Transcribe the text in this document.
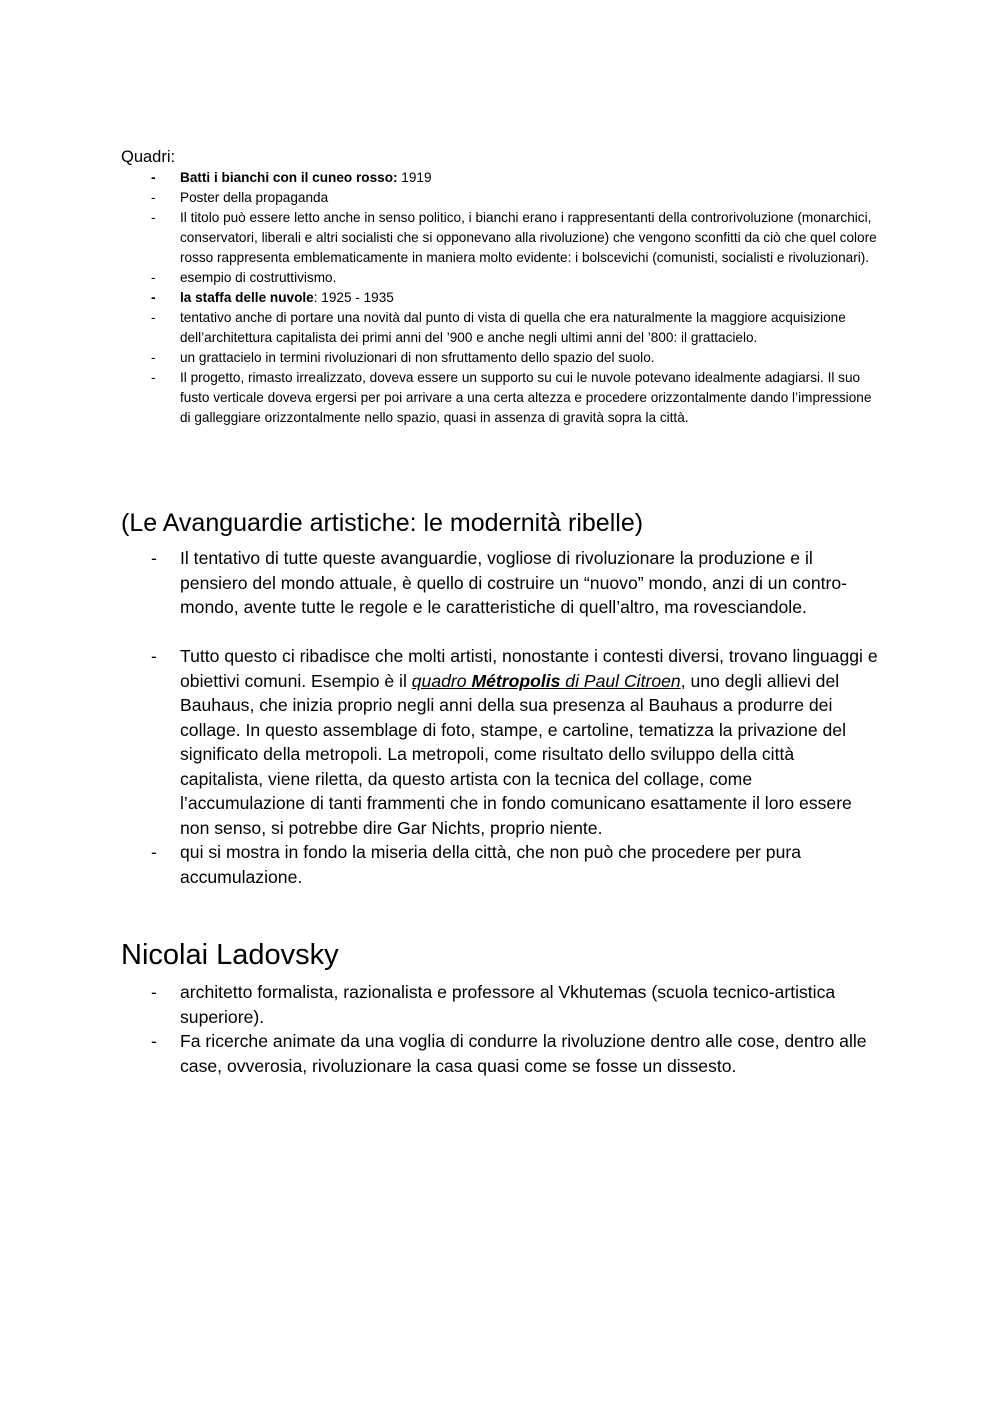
Quadri:
- Batti i bianchi con il cuneo rosso: 1919
- Poster della propaganda
- Il titolo può essere letto anche in senso politico, i bianchi erano i rappresentanti della controrivoluzione (monarchici, conservatori, liberali e altri socialisti che si opponevano alla rivoluzione) che vengono sconfitti da ciò che quel colore rosso rappresenta emblematicamente in maniera molto evidente: i bolscevichi (comunisti, socialisti e rivoluzionari).
- esempio di costruttivismo.
- la staffa delle nuvole: 1925 - 1935
- tentativo anche di portare una novità dal punto di vista di quella che era naturalmente la maggiore acquisizione dell’architettura capitalista dei primi anni del ’900 e anche negli ultimi anni del ’800: il grattacielo.
- un grattacielo in termini rivoluzionari di non sfruttamento dello spazio del suolo.
- Il progetto, rimasto irrealizzato, doveva essere un supporto su cui le nuvole potevano idealmente adagiarsi. Il suo fusto verticale doveva ergersi per poi arrivare a una certa altezza e procedere orizzontalmente dando l’impressione di galleggiare orizzontalmente nello spazio, quasi in assenza di gravità sopra la città.
(Le Avanguardie artistiche: le modernità ribelle)
- Il tentativo di tutte queste avanguardie, vogliose di rivoluzionare la produzione e il pensiero del mondo attuale, è quello di costruire un “nuovo” mondo, anzi di un contro-mondo, avente tutte le regole e le caratteristiche di quell’altro, ma rovesciandole.
- Tutto questo ci ribadisce che molti artisti, nonostante i contesti diversi, trovano linguaggi e obiettivi comuni. Esempio è il quadro Métropolis di Paul Citroen, uno degli allievi del Bauhaus, che inizia proprio negli anni della sua presenza al Bauhaus a produrre dei collage. In questo assemblage di foto, stampe, e cartoline, tematizza la privazione del significato della metropoli. La metropoli, come risultato dello sviluppo della città capitalista, viene riletta, da questo artista con la tecnica del collage, come l’accumulazione di tanti frammenti che in fondo comunicano esattamente il loro essere non senso, si potrebbe dire Gar Nichts, proprio niente.
- qui si mostra in fondo la miseria della città, che non può che procedere per pura accumulazione.
Nicolai Ladovsky
- architetto formalista, razionalista e professore al Vkhutemas (scuola tecnico-artistica superiore).
- Fa ricerche animate da una voglia di condurre la rivoluzione dentro alle cose, dentro alle case, ovverosia, rivoluzionare la casa quasi come se fosse un dissesto.
